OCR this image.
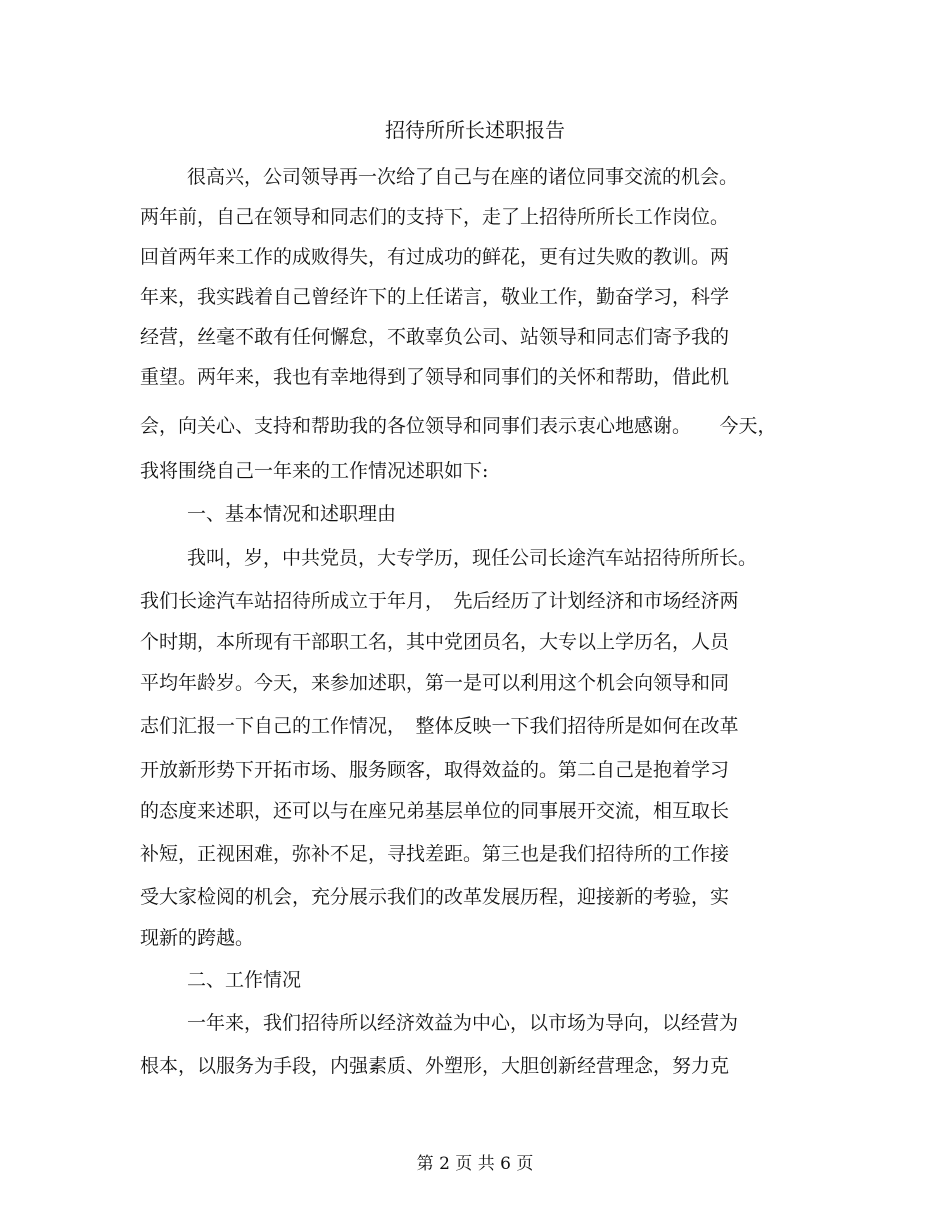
招待所所长述职报告
很高兴，公司领导再一次给了自己与在座的诸位同事交流的机会。
两年前，自己在领导和同志们的支持下，走了上招待所所长工作岗位。
回首两年来工作的成败得失，有过成功的鲜花，更有过失败的教训。两
年来，我实践着自己曾经许下的上任诺言，敬业工作，勤奋学习，科学
经营，丝毫不敢有任何懈怠，不敢辜负公司、站领导和同志们寄予我的
重望。两年来，我也有幸地得到了领导和同事们的关怀和帮助，借此机
会，向关心、支持和帮助我的各位领导和同事们表示衷心地感谢。　　今天，
我将围绕自己一年来的工作情况述职如下:
一、基本情况和述职理由
我叫，岁，中共党员，大专学历，现任公司长途汽车站招待所所长。
我们长途汽车站招待所成立于年月，　先后经历了计划经济和市场经济两
个时期，本所现有干部职工名，其中党团员名，大专以上学历名，人员
平均年龄岁。今天，来参加述职，第一是可以利用这个机会向领导和同
志们汇报一下自己的工作情况，　整体反映一下我们招待所是如何在改革
开放新形势下开拓市场、服务顾客，取得效益的。第二自己是抱着学习
的态度来述职，还可以与在座兄弟基层单位的同事展开交流，相互取长
补短，正视困难，弥补不足，寻找差距。第三也是我们招待所的工作接
受大家检阅的机会，充分展示我们的改革发展历程，迎接新的考验，实
现新的跨越。
二、工作情况
一年来，我们招待所以经济效益为中心，以市场为导向，以经营为
根本，以服务为手段，内强素质、外塑形，大胆创新经营理念，努力克
第 2 页 共 6 页
